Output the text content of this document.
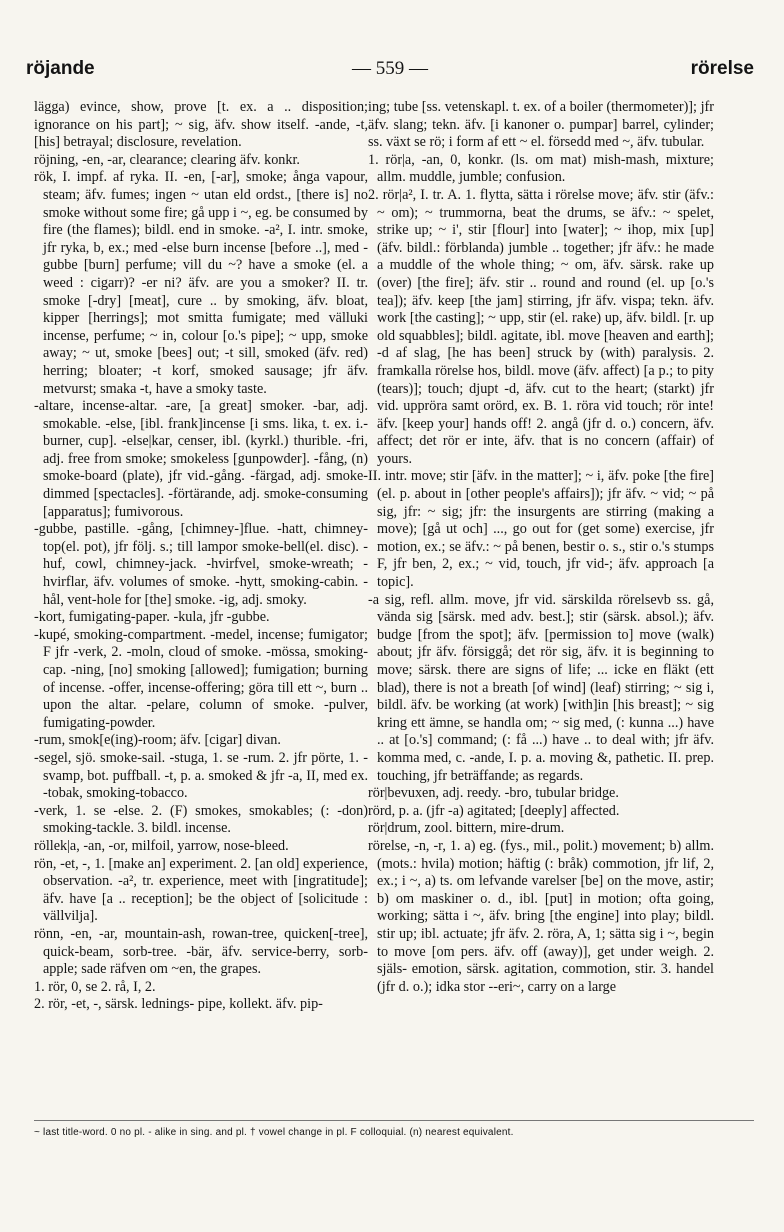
röjande	— 559 —	rörelse

lägga) evince, show, prove [t. ex. a .. disposition; ignorance on his part]; ~ sig, äfv. show itself. -ande, -t, [his] betrayal; disclosure, revelation.

röjning, -en, -ar, clearance; clearing äfv. konkr.

rök, I. impf. af ryka. II. -en, [-ar], smoke; ånga vapour, steam; äfv. fumes; ingen ~ utan eld ordst., [there is] no smoke without some fire; gå upp i ~, eg. be consumed by fire (the flames); bildl. end in smoke. -a², I. intr. smoke, jfr ryka, b, ex.; med -else burn incense [before ..], med -gubbe [burn] perfume; vill du ~? have a smoke (el. a weed : cigarr)? -er ni? äfv. are you a smoker? II. tr. smoke [-dry] [meat], cure .. by smoking, äfv. bloat, kipper [herrings]; mot smitta fumigate; med välluki incense, perfume; ~ in, colour [o.'s pipe]; ~ upp, smoke away; ~ ut, smoke [bees] out; -t sill, smoked (äfv. red) herring; bloater; -t korf, smoked sausage; jfr äfv. metvurst; smaka -t, have a smoky taste.

-altare, incense-altar. -are, [a great] smoker. -bar, adj. smokable. -else, [ibl. frank]incense [i sms. lika, t. ex. i.-burner, cup]. -else|kar, censer, ibl. (kyrkl.) thurible. -fri, adj. free from smoke; smokeless [gunpowder]. -fång, (n) smoke-board (plate), jfr vid.-gång. -färgad, adj. smoke-dimmed [spectacles]. -förtärande, adj. smoke-consuming [apparatus]; fumivorous.

-gubbe, pastille. -gång, [chimney-]flue. -hatt, chimney-top(el. pot), jfr följ. s.; till lampor smoke-bell(el. disc). -huf, cowl, chimney-jack. -hvirfvel, smoke-wreath; -hvirflar, äfv. volumes of smoke. -hytt, smoking-cabin. -hål, vent-hole for [the] smoke. -ig, adj. smoky.

-kort, fumigating-paper. -kula, jfr -gubbe.

-kupé, smoking-compartment. -medel, incense; fumigator; F jfr -verk, 2. -moln, cloud of smoke. -mössa, smoking-cap. -ning, [no] smoking [allowed]; fumigation; burning of incense. -offer, incense-offering; göra till ett ~, burn .. upon the altar. -pelare, column of smoke. -pulver, fumigating-powder.

-rum, smok[e(ing)-room; äfv. [cigar] divan.

-segel, sjö. smoke-sail. -stuga, 1. se -rum. 2. jfr pörte, 1. -svamp, bot. puffball. -t, p. a. smoked & jfr -a, II, med ex. -tobak, smoking-tobacco.

-verk, 1. se -else. 2. (F) smokes, smokables; (: -don) smoking-tackle. 3. bildl. incense.

röllek|a, -an, -or, milfoil, yarrow, nose-bleed.

rön, -et, -, 1. [make an] experiment. 2. [an old] experience, observation. -a², tr. experience, meet with [ingratitude]; äfv. have [a .. reception]; be the object of [solicitude : vällvilja].

rönn, -en, -ar, mountain-ash, rowan-tree, quicken[-tree], quick-beam, sorb-tree. -bär, äfv. service-berry, sorb-apple; sade räfven om ~en, the grapes.

1. rör, 0, se 2. rå, I, 2.

2. rör, -et, -, särsk. lednings- pipe, kollekt. äfv. pip-

ing; tube [ss. vetenskapl. t. ex. of a boiler (thermometer)]; jfr äfv. slang; tekn. äfv. [i kanoner o. pumpar] barrel, cylinder; ss. växt se rö; i form af ett ~ el. försedd med ~, äfv. tubular.

1. rör|a, -an, 0, konkr. (ls. om mat) mish-mash, mixture; allm. muddle, jumble; confusion.

2. rör|a², I. tr. A. 1. flytta, sätta i rörelse move; äfv. stir (äfv.: ~ om); ~ trummorna, beat the drums, se äfv.: ~ spelet, strike up; ~ i', stir [flour] into [water]; ~ ihop, mix [up] (äfv. bildl.: förblanda) jumble .. together; jfr äfv.: he made a muddle of the whole thing; ~ om, äfv. särsk. rake up (over) [the fire]; äfv. stir .. round and round (el. up [o.'s tea]); äfv. keep [the jam] stirring, jfr äfv. vispa; tekn. äfv. work [the casting]; ~ upp, stir (el. rake) up, äfv. bildl. [r. up old squabbles]; bildl. agitate, ibl. move [heaven and earth]; -d af slag, [he has been] struck by (with) paralysis. 2. framkalla rörelse hos, bildl. move (äfv. affect) [a p.; to pity (tears)]; touch; djupt -d, äfv. cut to the heart; (starkt) jfr vid. uppröra samt orörd, ex. B. 1. röra vid touch; rör inte! äfv. [keep your] hands off! 2. angå (jfr d. o.) concern, äfv. affect; det rör er inte, äfv. that is no concern (affair) of yours.

II. intr. move; stir [äfv. in the matter]; ~ i, äfv. poke [the fire] (el. p. about in [other people's affairs]); jfr äfv. ~ vid; ~ på sig, jfr: ~ sig; jfr: the insurgents are stirring (making a move); [gå ut och] ..., go out for (get some) exercise, jfr motion, ex.; se äfv.: ~ på benen, bestir o. s., stir o.'s stumps F, jfr ben, 2, ex.; ~ vid, touch, jfr vid-; äfv. approach [a topic].

-a sig, refl. allm. move, jfr vid. särskilda rörelsevb ss. gå, vända sig [särsk. med adv. best.]; stir (särsk. absol.); äfv. budge [from the spot]; äfv. [permission to] move (walk) about; jfr äfv. försiggå; det rör sig, äfv. it is beginning to move; särsk. there are signs of life; ... icke en fläkt (ett blad), there is not a breath [of wind] (leaf) stirring; ~ sig i, bildl. äfv. be working (at work) [with]in [his breast]; ~ sig kring ett ämne, se handla om; ~ sig med, (: kunna ...) have .. at [o.'s] command; (: få ...) have .. to deal with; jfr äfv. komma med, c. -ande, I. p. a. moving &, pathetic. II. prep. touching, jfr beträffande; as regards.

rör|bevuxen, adj. reedy. -bro, tubular bridge.

rörd, p. a. (jfr -a) agitated; [deeply] affected.

rör|drum, zool. bittern, mire-drum.

rörelse, -n, -r, 1. a) eg. (fys., mil., polit.) movement; b) allm. (mots.: hvila) motion; häftig (: bråk) commotion, jfr lif, 2, ex.; i ~, a) ts. om lefvande varelser [be] on the move, astir; b) om maskiner o. d., ibl. [put] in motion; ofta going, working; sätta i ~, äfv. bring [the engine] into play; bildl. stir up; ibl. actuate; jfr äfv. 2. röra, A, 1; sätta sig i ~, begin to move [om pers. äfv. off (away)], get under weigh. 2. själs- emotion, särsk. agitation, commotion, stir. 3. handel (jfr d. o.); idka stor --eri~, carry on a large

~ last title-word. 0 no pl. - alike in sing. and pl. † vowel change in pl. F colloquial. (n) nearest equivalent.
